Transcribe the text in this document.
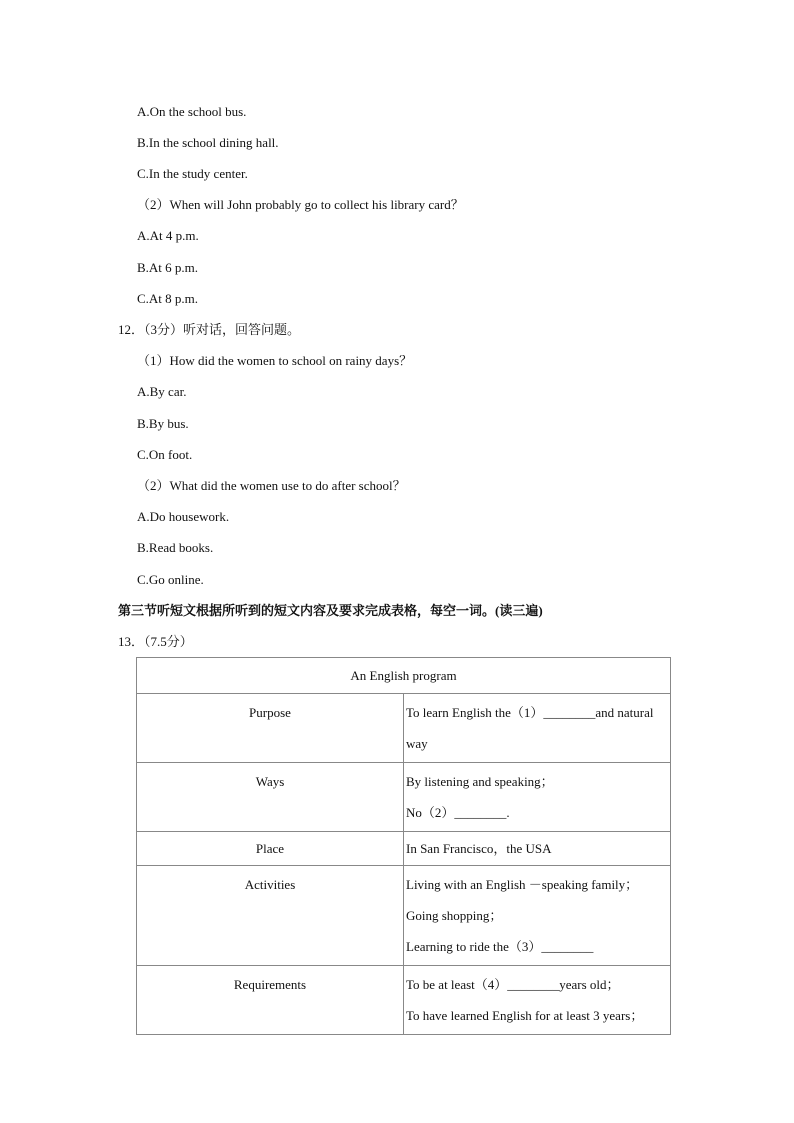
A.On the school bus.
B.In the school dining hall.
C.In the study center.
（2）When will John probably go to collect his library card？
A.At 4 p.m.
B.At 6 p.m.
C.At 8 p.m.
12．（3分）听对话，回答问题。
（1）How did the women to school on rainy days？
A.By car.
B.By bus.
C.On foot.
（2）What did the women use to do after school？
A.Do housework.
B.Read books.
C.Go online.
第三节听短文根据所听到的短文内容及要求完成表格，每空一词。(读三遍)
13．（7.5分）
An English program	

Purpose	To learn English the（1）________and natural
way

Ways	By listening and speaking；
No（2）________.

Place	In San Francisco，the USA

Activities	Living with an English －speaking family；
Going shopping；
Learning to ride the（3）________

Requirements	To be at least（4）________years old；
To have learned English for at least 3 years；
